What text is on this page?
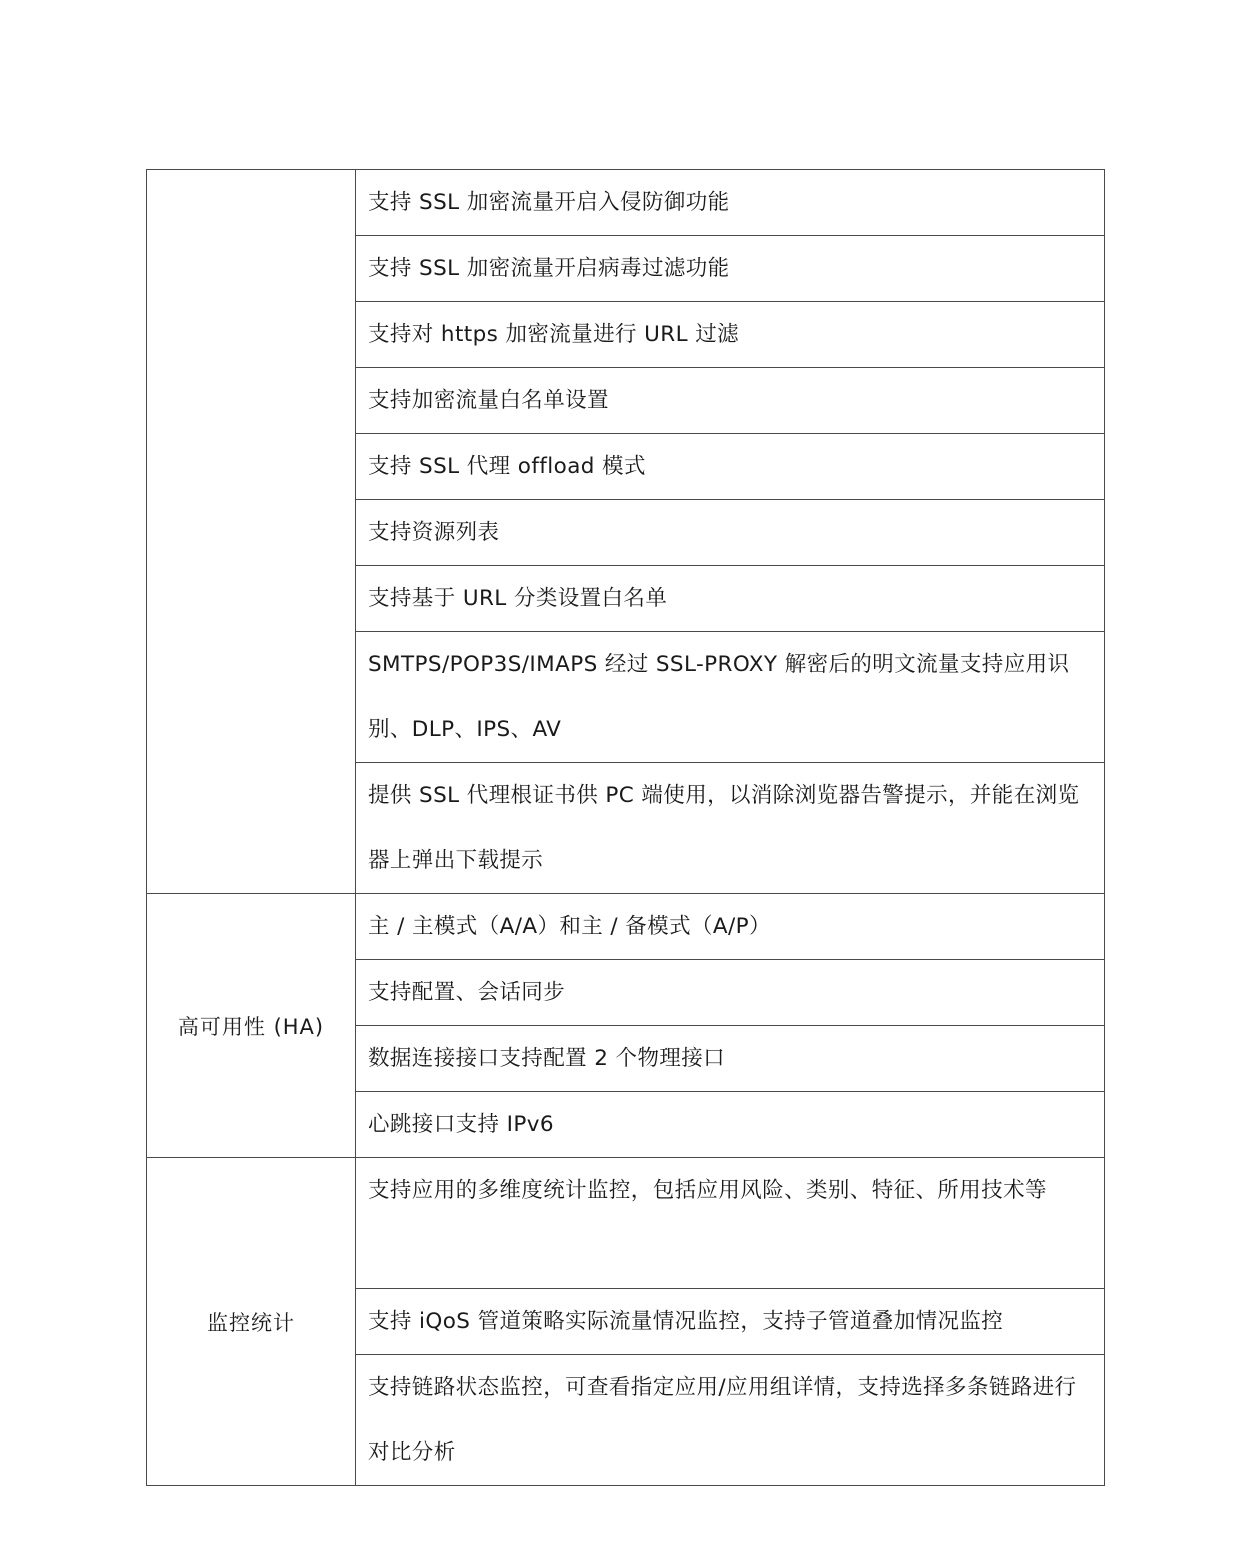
	支持 SSL 加密流量开启入侵防御功能

	支持 SSL 加密流量开启病毒过滤功能

	支持对 https 加密流量进行 URL 过滤

	支持加密流量白名单设置

	支持 SSL 代理 offload 模式

	支持资源列表

	支持基于 URL 分类设置白名单

	SMTPS/POP3S/IMAPS 经过 SSL-PROXY 解密后的明文流量支持应用识别、DLP、IPS、AV

	提供 SSL 代理根证书供 PC 端使用，以消除浏览器告警提示，并能在浏览器上弹出下载提示

高可用性 (HA)	主 / 主模式（A/A）和主 / 备模式（A/P）

	支持配置、会话同步

	数据连接接口支持配置 2 个物理接口

	心跳接口支持 IPv6

监控统计	支持应用的多维度统计监控，包括应用风险、类别、特征、所用技术等

	支持 iQoS 管道策略实际流量情况监控，支持子管道叠加情况监控

	支持链路状态监控，可查看指定应用/应用组详情，支持选择多条链路进行对比分析
